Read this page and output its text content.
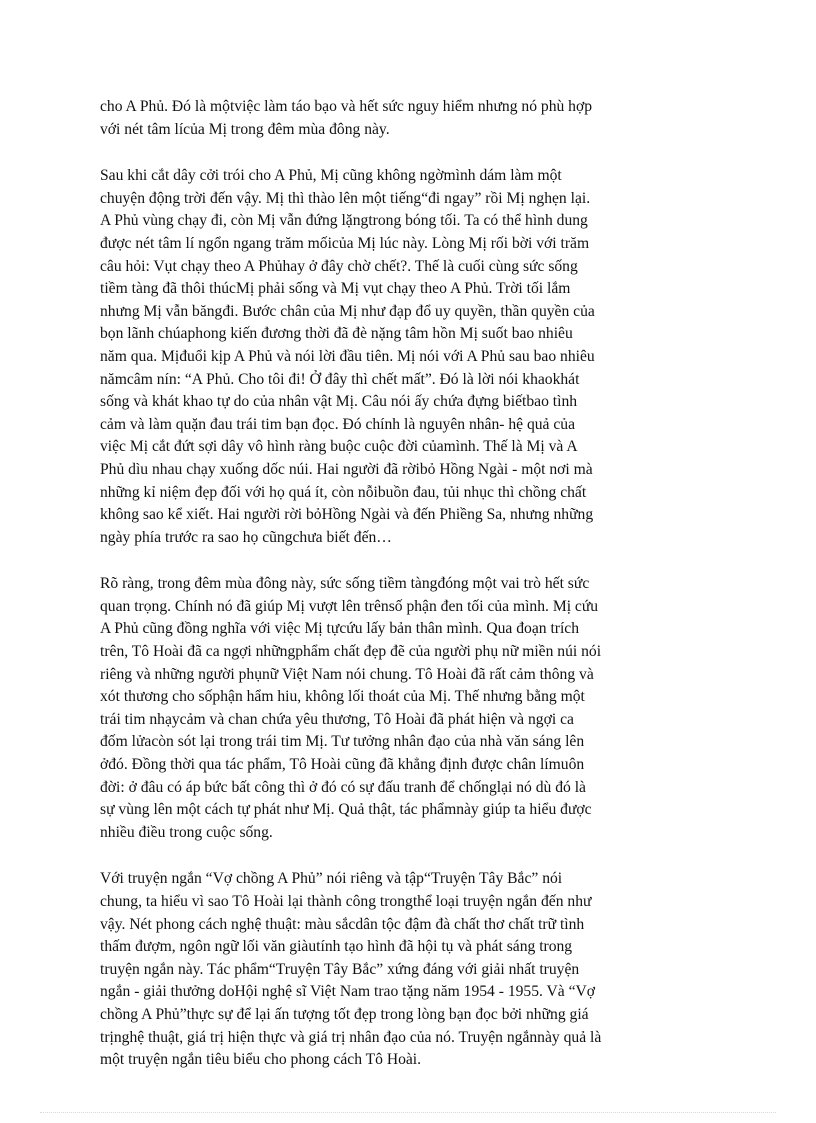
cho A Phủ. Đó là mộtviệc làm táo bạo và hết sức nguy hiểm nhưng nó phù hợp
với nét tâm lícủa Mị trong đêm mùa đông này.

Sau khi cắt dây cởi trói cho A Phủ, Mị cũng không ngờmình dám làm một
chuyện động trời đến vậy. Mị thì thào lên một tiếng“đi ngay” rồi Mị nghẹn lại.
A Phủ vùng chạy đi, còn Mị vẫn đứng lặngtrong bóng tối. Ta có thể hình dung
được nét tâm lí ngổn ngang trăm mốicủa Mị lúc này. Lòng Mị rối bời với trăm
câu hỏi: Vụt chạy theo A Phủhay ở đây chờ chết?. Thế là cuối cùng sức sống
tiềm tàng đã thôi thúcMị phải sống và Mị vụt chạy theo A Phủ. Trời tối lắm
nhưng Mị vẫn băngđi. Bước chân của Mị như đạp đổ uy quyền, thần quyền của
bọn lãnh chúaphong kiến đương thời đã đè nặng tâm hồn Mị suốt bao nhiêu
năm qua. Mịđuổi kịp A Phủ và nói lời đầu tiên. Mị nói với A Phủ sau bao nhiêu
nămcâm nín: “A Phủ. Cho tôi đi! Ở đây thì chết mất”. Đó là lời nói khaokhát
sống và khát khao tự do của nhân vật Mị. Câu nói ấy chứa đựng biếtbao tình
cảm và làm quặn đau trái tim bạn đọc. Đó chính là nguyên nhân- hệ quả của
việc Mị cắt đứt sợi dây vô hình ràng buộc cuộc đời củamình. Thế là Mị và A
Phủ dìu nhau chạy xuống dốc núi. Hai người đã rờibỏ Hồng Ngài - một nơi mà
những kỉ niệm đẹp đối với họ quá ít, còn nỗibuồn đau, tủi nhục thì chồng chất
không sao kể xiết. Hai người rời bỏHồng Ngài và đến Phiềng Sa, nhưng những
ngày phía trước ra sao họ cũngchưa biết đến…

Rõ ràng, trong đêm mùa đông này, sức sống tiềm tàngđóng một vai trò hết sức
quan trọng. Chính nó đã giúp Mị vượt lên trênsố phận đen tối của mình. Mị cứu
A Phủ cũng đồng nghĩa với việc Mị tựcứu lấy bản thân mình. Qua đoạn trích
trên, Tô Hoài đã ca ngợi nhữngphẩm chất đẹp đẽ của người phụ nữ miền núi nói
riêng và những người phụnữ Việt Nam nói chung. Tô Hoài đã rất cảm thông và
xót thương cho sốphận hẩm hiu, không lối thoát của Mị. Thế nhưng bằng một
trái tim nhạycảm và chan chứa yêu thương, Tô Hoài đã phát hiện và ngợi ca
đốm lửacòn sót lại trong trái tim Mị. Tư tưởng nhân đạo của nhà văn sáng lên
ởđó. Đồng thời qua tác phẩm, Tô Hoài cũng đã khẳng định được chân límuôn
đời: ở đâu có áp bức bất công thì ở đó có sự đấu tranh để chốnglại nó dù đó là
sự vùng lên một cách tự phát như Mị. Quả thật, tác phẩmnày giúp ta hiểu được
nhiều điều trong cuộc sống.

Với truyện ngắn “Vợ chồng A Phủ” nói riêng và tập“Truyện Tây Bắc” nói
chung, ta hiểu vì sao Tô Hoài lại thành công trongthể loại truyện ngắn đến như
vậy. Nét phong cách nghệ thuật: màu sắcdân tộc đậm đà chất thơ chất trữ tình
thấm đượm, ngôn ngữ lối văn giàutính tạo hình đã hội tụ và phát sáng trong
truyện ngắn này. Tác phẩm“Truyện Tây Bắc” xứng đáng với giải nhất truyện
ngắn - giải thưởng doHội nghệ sĩ Việt Nam trao tặng năm 1954 - 1955. Và “Vợ
chồng A Phủ”thực sự để lại ấn tượng tốt đẹp trong lòng bạn đọc bởi những giá
trịnghệ thuật, giá trị hiện thực và giá trị nhân đạo của nó. Truyện ngắnnày quả là
một truyện ngắn tiêu biểu cho phong cách Tô Hoài.
